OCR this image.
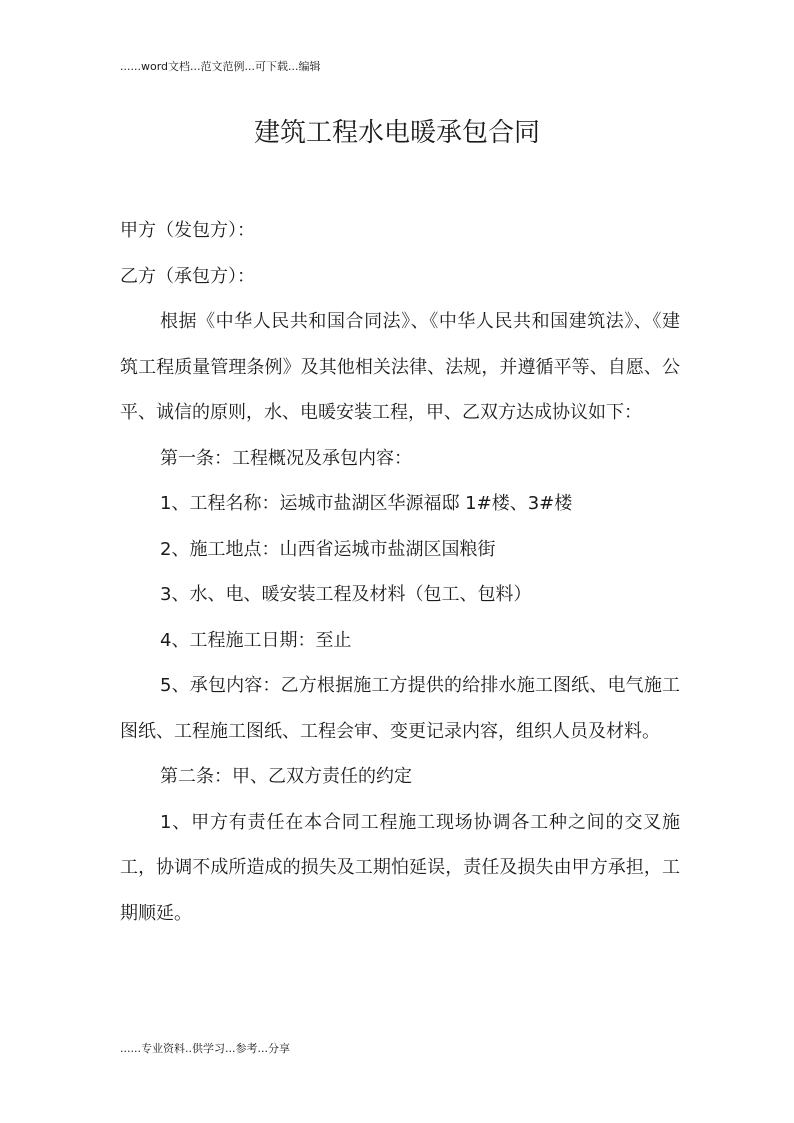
......word文档...范文范例...可下载...编辑
建筑工程水电暖承包合同

甲方（发包方）：

乙方（承包方）：

根据《中华人民共和国合同法》、《中华人民共和国建筑法》、《建筑工程质量管理条例》及其他相关法律、法规，并遵循平等、自愿、公平、诚信的原则，水、电暖安装工程，甲、乙双方达成协议如下：

第一条：工程概况及承包内容：

1、工程名称：运城市盐湖区华源福邸 1#楼、3#楼

2、施工地点：山西省运城市盐湖区国粮街

3、水、电、暖安装工程及材料（包工、包料）

4、工程施工日期：至止

5、承包内容：乙方根据施工方提供的给排水施工图纸、电气施工图纸、工程施工图纸、工程会审、变更记录内容，组织人员及材料。

第二条：甲、乙双方责任的约定

1、甲方有责任在本合同工程施工现场协调各工种之间的交叉施工，协调不成所造成的损失及工期怕延误，责任及损失由甲方承担，工期顺延。

......专业资料..供学习...参考...分享
